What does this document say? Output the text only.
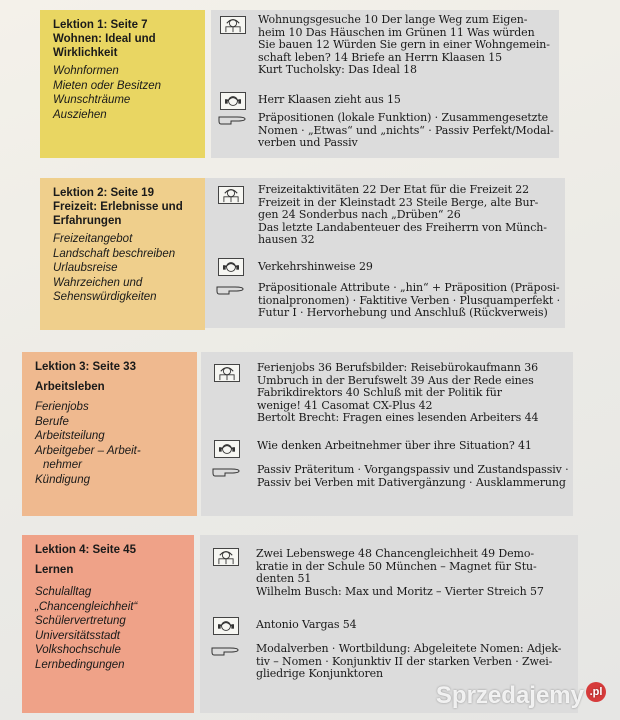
Lektion 1: Seite 7
Wohnen: Ideal und
Wirklichkeit
Wohnformen
Mieten oder Besitzen
Wunschträume
Ausziehen
Wohnungsgesuche 10 Der lange Weg zum Eigen-
heim 10 Das Häuschen im Grünen 11 Was würden
Sie bauen 12 Würden Sie gern in einer Wohngemein-
schaft leben? 14 Briefe an Herrn Klaasen 15
Kurt Tucholsky: Das Ideal 18
Herr Klaasen zieht aus 15
Präpositionen (lokale Funktion) · Zusammengesetzte
Nomen · „Etwas“ und „nichts“ · Passiv Perfekt/Modal-
verben und Passiv
Lektion 2: Seite 19
Freizeit: Erlebnisse und
Erfahrungen
Freizeitangebot
Landschaft beschreiben
Urlaubsreise
Wahrzeichen und
Sehenswürdigkeiten
Freizeitaktivitäten 22 Der Etat für die Freizeit 22
Freizeit in der Kleinstadt 23 Steile Berge, alte Bur-
gen 24 Sonderbus nach „Drüben“ 26
Das letzte Landabenteuer des Freiherrn von Münch-
hausen 32
Verkehrshinweise 29
Präpositionale Attribute · „hin“ + Präposition (Präposi-
tionalpronomen) · Faktitive Verben · Plusquamperfekt ·
Futur I · Hervorhebung und Anschluß (Rückverweis)
Lektion 3: Seite 33
Arbeitsleben
Ferienjobs
Berufe
Arbeitsteilung
Arbeitgeber – Arbeit-
nehmer
Kündigung
Ferienjobs 36 Berufsbilder: Reisebürokaufmann 36
Umbruch in der Berufswelt 39 Aus der Rede eines
Fabrikdirektors 40 Schluß mit der Politik für
wenige! 41 Casomat CX-Plus 42
Bertolt Brecht: Fragen eines lesenden Arbeiters 44
Wie denken Arbeitnehmer über ihre Situation? 41
Passiv Präteritum · Vorgangspassiv und Zustandspassiv ·
Passiv bei Verben mit Dativergänzung · Ausklammerung
Lektion 4: Seite 45
Lernen
Schulalltag
„Chancengleichheit“
Schülervertretung
Universitätsstadt
Volkshochschule
Lernbedingungen
Zwei Lebenswege 48 Chancengleichheit 49 Demo-
kratie in der Schule 50 München – Magnet für Stu-
denten 51
Wilhelm Busch: Max und Moritz – Vierter Streich 57
Antonio Vargas 54
Modalverben · Wortbildung: Abgeleitete Nomen: Adjek-
tiv – Nomen · Konjunktiv II der starken Verben · Zwei-
gliedrige Konjunktoren
Sprzedajemy .pl
